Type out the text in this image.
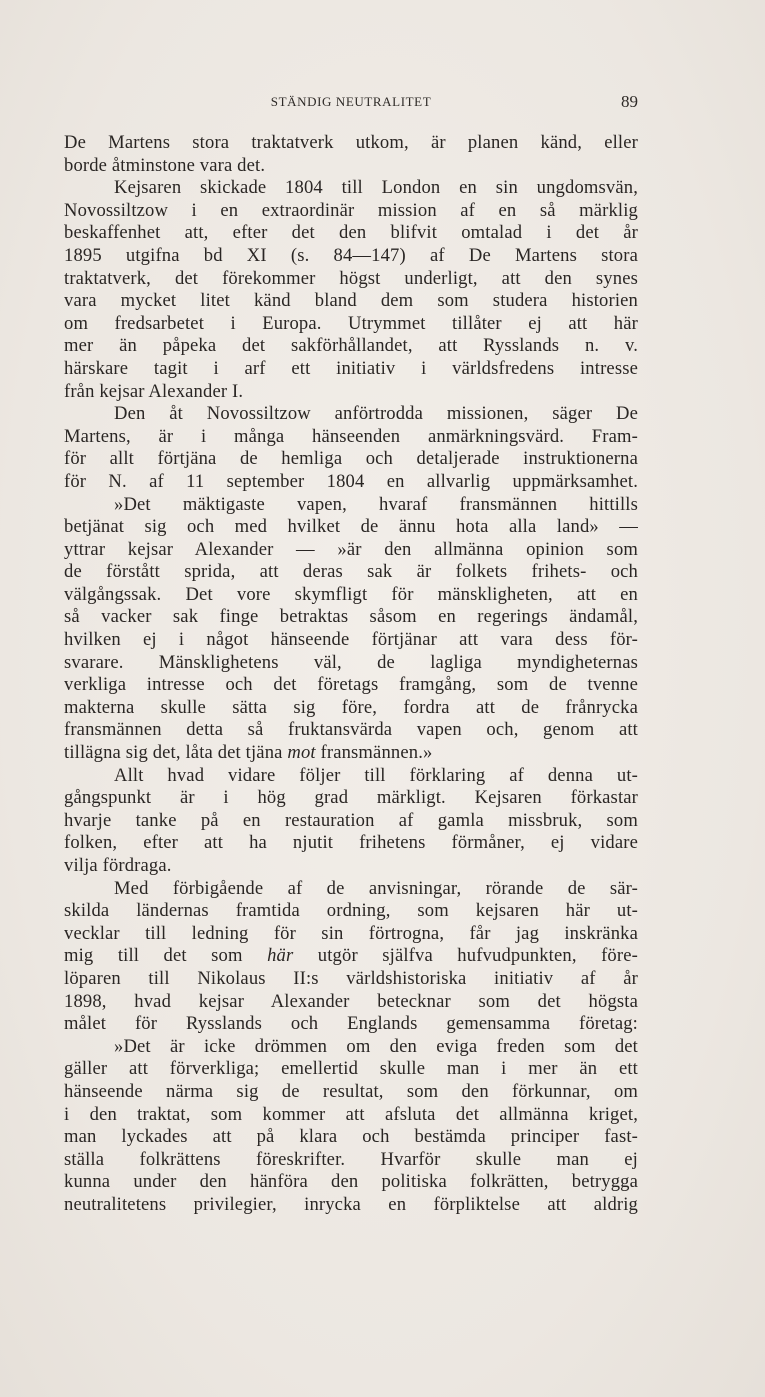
STÄNDIG NEUTRALITET	89
De Martens stora traktatverk utkom, är planen känd, eller
borde åtminstone vara det.
Kejsaren skickade 1804 till London en sin ungdomsvän,
Novossiltzow i en extraordinär mission af en så märklig
beskaffenhet att, efter det den blifvit omtalad i det år
1895 utgifna bd XI (s. 84—147) af De Martens stora
traktatverk, det förekommer högst underligt, att den synes
vara mycket litet känd bland dem som studera historien
om fredsarbetet i Europa. Utrymmet tillåter ej att här
mer än påpeka det sakförhållandet, att Rysslands n. v.
härskare tagit i arf ett initiativ i världsfredens intresse
från kejsar Alexander I.
Den åt Novossiltzow anförtrodda missionen, säger De
Martens, är i många hänseenden anmärkningsvärd. Fram-
för allt förtjäna de hemliga och detaljerade instruktionerna
för N. af 11 september 1804 en allvarlig uppmärksamhet.
»Det mäktigaste vapen, hvaraf fransmännen hittills
betjänat sig och med hvilket de ännu hota alla land» —
yttrar kejsar Alexander — »är den allmänna opinion som
de förstått sprida, att deras sak är folkets frihets- och
välgångssak. Det vore skymfligt för mänskligheten, att en
så vacker sak finge betraktas såsom en regerings ändamål,
hvilken ej i något hänseende förtjänar att vara dess för-
svarare. Mänsklighetens väl, de lagliga myndigheternas
verkliga intresse och det företags framgång, som de tvenne
makterna skulle sätta sig före, fordra att de frånrycka
fransmännen detta så fruktansvärda vapen och, genom att
tillägna sig det, låta det tjäna mot fransmännen.»
Allt hvad vidare följer till förklaring af denna ut-
gångspunkt är i hög grad märkligt. Kejsaren förkastar
hvarje tanke på en restauration af gamla missbruk, som
folken, efter att ha njutit frihetens förmåner, ej vidare
vilja fördraga.
Med förbigående af de anvisningar, rörande de sär-
skilda ländernas framtida ordning, som kejsaren här ut-
vecklar till ledning för sin förtrogna, får jag inskränka
mig till det som här utgör själfva hufvudpunkten, före-
löparen till Nikolaus II:s världshistoriska initiativ af år
1898, hvad kejsar Alexander betecknar som det högsta
målet för Rysslands och Englands gemensamma företag:
»Det är icke drömmen om den eviga freden som det
gäller att förverkliga; emellertid skulle man i mer än ett
hänseende närma sig de resultat, som den förkunnar, om
i den traktat, som kommer att afsluta det allmänna kriget,
man lyckades att på klara och bestämda principer fast-
ställa folkrättens föreskrifter. Hvarför skulle man ej
kunna under den hänföra den politiska folkrätten, betrygga
neutralitetens privilegier, inrycka en förpliktelse att aldrig
